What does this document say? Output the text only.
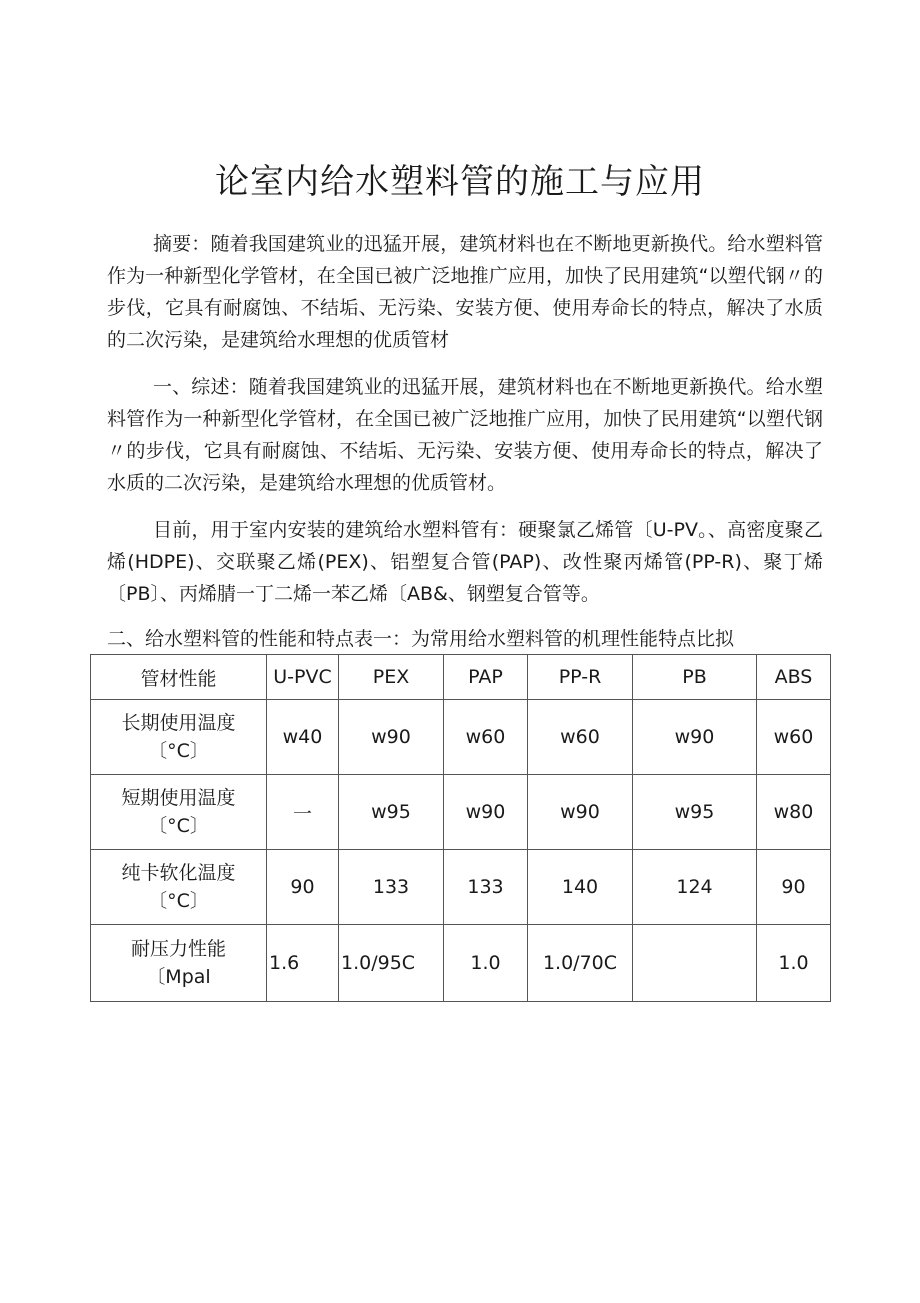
论室内给水塑料管的施工与应用

摘要：随着我国建筑业的迅猛开展，建筑材料也在不断地更新换代。给水塑料管作为一种新型化学管材，在全国已被广泛地推广应用，加快了民用建筑“以塑代钢〃的步伐，它具有耐腐蚀、不结垢、无污染、安装方便、使用寿命长的特点，解决了水质的二次污染，是建筑给水理想的优质管材

一、综述：随着我国建筑业的迅猛开展，建筑材料也在不断地更新换代。给水塑料管作为一种新型化学管材，在全国已被广泛地推广应用，加快了民用建筑“以塑代钢〃的步伐，它具有耐腐蚀、不结垢、无污染、安装方便、使用寿命长的特点，解决了水质的二次污染，是建筑给水理想的优质管材。

目前，用于室内安装的建筑给水塑料管有：硬聚氯乙烯管〔U-PV。、高密度聚乙烯(HDPE)、交联聚乙烯(PEX)、铝塑复合管(PAP)、改性聚丙烯管(PP-R)、聚丁烯〔PB〕、丙烯腈一丁二烯一苯乙烯〔AB&、钢塑复合管等。

二、给水塑料管的性能和特点表一：为常用给水塑料管的机理性能特点比拟
管材性能	U-PVC	PEX	PAP	PP-R	PB	ABS

长期使用温度
〔°C〕	w40	w90	w60	w60	w90	w60

短期使用温度
〔°C〕	一	w95	w90	w90	w95	w80

纯卡软化温度
〔°C〕	90	133	133	140	124	90

耐压力性能
〔Mpal	1.6	1.0/95C	1.0	1.0/70C		1.0
